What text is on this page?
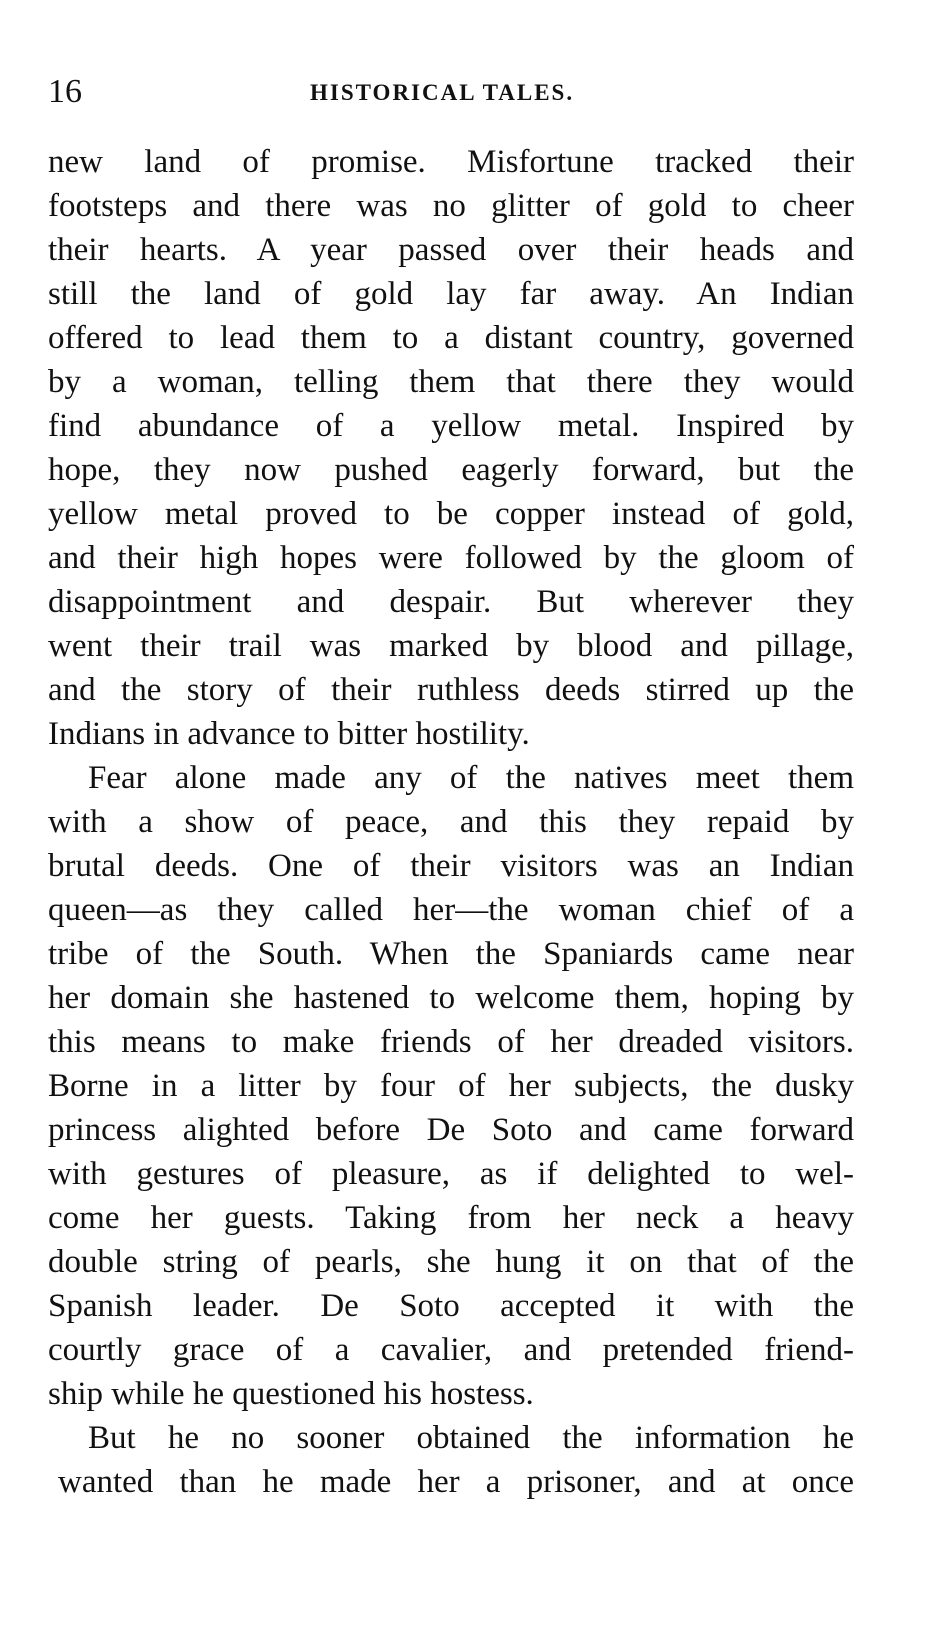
16	HISTORICAL TALES.
new land of promise. Misfortune tracked their
footsteps and there was no glitter of gold to cheer
their hearts. A year passed over their heads and
still the land of gold lay far away. An Indian
offered to lead them to a distant country, governed
by a woman, telling them that there they would
find abundance of a yellow metal. Inspired by
hope, they now pushed eagerly forward, but the
yellow metal proved to be copper instead of gold,
and their high hopes were followed by the gloom of
disappointment and despair. But wherever they
went their trail was marked by blood and pillage,
and the story of their ruthless deeds stirred up the
Indians in advance to bitter hostility.
Fear alone made any of the natives meet them
with a show of peace, and this they repaid by
brutal deeds. One of their visitors was an Indian
queen—as they called her—the woman chief of a
tribe of the South. When the Spaniards came near
her domain she hastened to welcome them, hoping by
this means to make friends of her dreaded visitors.
Borne in a litter by four of her subjects, the dusky
princess alighted before De Soto and came forward
with gestures of pleasure, as if delighted to wel-
come her guests. Taking from her neck a heavy
double string of pearls, she hung it on that of the
Spanish leader. De Soto accepted it with the
courtly grace of a cavalier, and pretended friend-
ship while he questioned his hostess.
But he no sooner obtained the information he
wanted than he made her a prisoner, and at once
